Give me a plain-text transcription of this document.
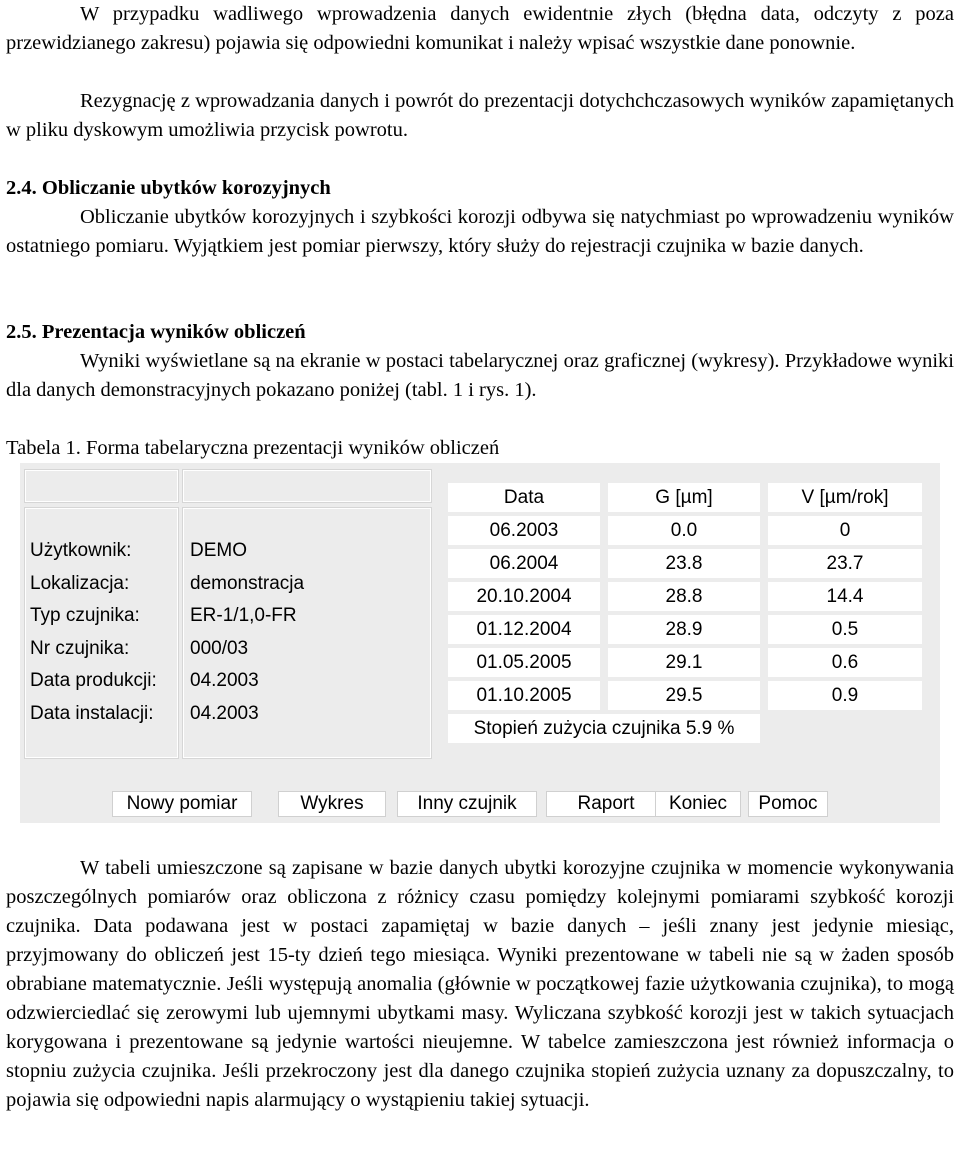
W przypadku wadliwego wprowadzenia danych ewidentnie złych (błędna data, odczyty z poza przewidzianego zakresu) pojawia się odpowiedni komunikat i należy wpisać wszystkie dane ponownie.

Rezygnację z wprowadzania danych i powrót do prezentacji dotychchczasowych wyników zapamiętanych w pliku dyskowym umożliwia przycisk powrotu.

2.4. Obliczanie ubytków korozyjnych

Obliczanie ubytków korozyjnych i szybkości korozji odbywa się natychmiast po wprowadzeniu wyników ostatniego pomiaru. Wyjątkiem jest pomiar pierwszy, który służy do rejestracji czujnika w bazie danych.

2.5. Prezentacja wyników obliczeń

Wyniki wyświetlane są na ekranie w postaci tabelarycznej oraz graficznej (wykresy). Przykładowe wyniki dla danych demonstracyjnych pokazano poniżej (tabl. 1 i rys. 1).

Tabela 1. Forma tabelaryczna prezentacji wyników obliczeń

Użytkownik:	DEMO
Lokalizacja:	demonstracja
Typ czujnika:	ER-1/1,0-FR
Nr czujnika:	000/03
Data produkcji: 04.2003
Data instalacji: 04.2003
Data	G [µm]	V [µm/rok]
06.2003	0.0	0
06.2004	23.8	23.7
20.10.2004	28.8	14.4
01.12.2004	28.9	0.5
01.05.2005	29.1	0.6
01.10.2005	29.5	0.9
Stopień zużycia czujnika 5.9 %
Nowy pomiar	Wykres	Inny czujnik	Raport	Koniec	Pomoc

W tabeli umieszczone są zapisane w bazie danych ubytki korozyjne czujnika w momencie wykonywania poszczególnych pomiarów oraz obliczona z różnicy czasu pomiędzy kolejnymi pomiarami szybkość korozji czujnika. Data podawana jest w postaci zapamiętaj w bazie danych – jeśli znany jest jedynie miesiąc, przyjmowany do obliczeń jest 15-ty dzień tego miesiąca. Wyniki prezentowane w tabeli nie są w żaden sposób obrabiane matematycznie. Jeśli występują anomalia (głównie w początkowej fazie użytkowania czujnika), to mogą odzwierciedlać się zerowymi lub ujemnymi ubytkami masy. Wyliczana szybkość korozji jest w takich sytuacjach korygowana i prezentowane są jedynie wartości nieujemne. W tabelce zamieszczona jest również informacja o stopniu zużycia czujnika. Jeśli przekroczony jest dla danego czujnika stopień zużycia uznany za dopuszczalny, to pojawia się odpowiedni napis alarmujący o wystąpieniu takiej sytuacji.
